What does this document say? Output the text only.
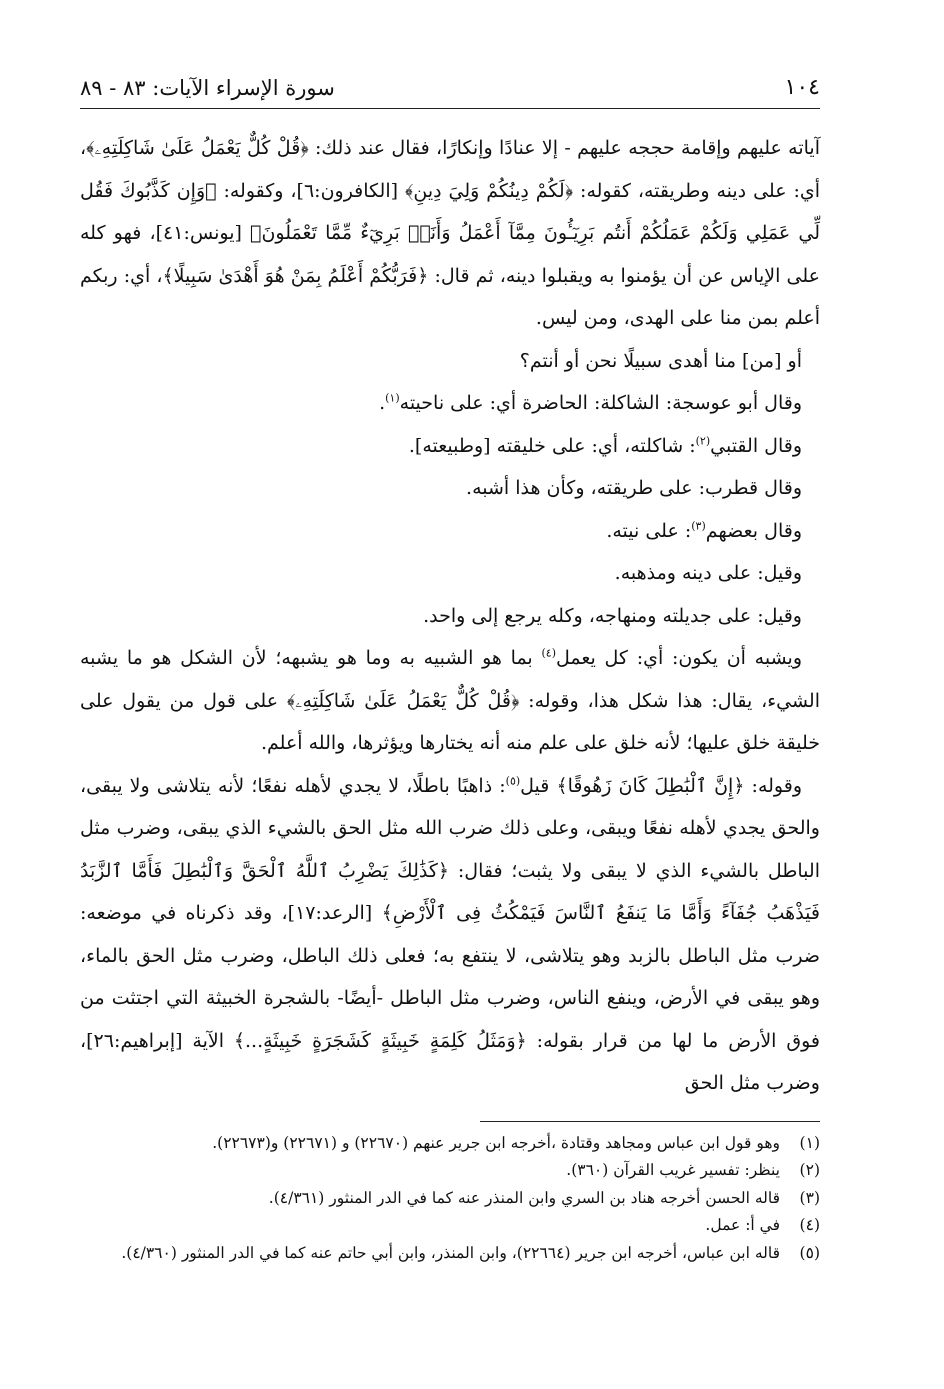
١٠٤
سورة الإسراء الآيات: ٨٣ - ٨٩

آياته عليهم وإقامة حججه عليهم - إلا عنادًا وإنكارًا، فقال عند ذلك: ﴿قُلْ كُلٌّ يَعْمَلُ عَلَىٰ شَاكِلَتِهِۦ﴾، أي: على دينه وطريقته، كقوله: ﴿لَكُمْ دِينُكُمْ وَلِيَ دِينِ﴾ [الكافرون:٦]، وكقوله: ﴿وَإِن كَذَّبُوكَ فَقُل لِّي عَمَلِي وَلَكُمْ عَمَلُكُمْ أَنتُم بَرِيٓـُٔونَ مِمَّآ أَعْمَلُ وَأَنَا۠ بَرِيٓءٌ مِّمَّا تَعْمَلُونَ﴾ [يونس:٤١]، فهو كله على الإياس عن أن يؤمنوا به ويقبلوا دينه، ثم قال: ﴿فَرَبُّكُمْ أَعْلَمُ بِمَنْ هُوَ أَهْدَىٰ سَبِيلًا﴾، أي: ربكم أعلم بمن منا على الهدى، ومن ليس.

أو [من] منا أهدى سبيلًا نحن أو أنتم؟

وقال أبو عوسجة: الشاكلة: الحاضرة أي: على ناحيته$^{(١)}$.

وقال القتبي$^{(٢)}$: شاكلته، أي: على خليقته [وطبيعته].

وقال قطرب: على طريقته، وكأن هذا أشبه.

وقال بعضهم$^{(٣)}$: على نيته.

وقيل: على دينه ومذهبه.

وقيل: على جديلته ومنهاجه، وكله يرجع إلى واحد.

ويشبه أن يكون: أي: كل يعمل$^{(٤)}$ بما هو الشبيه به وما هو يشبهه؛ لأن الشكل هو ما يشبه الشيء، يقال: هذا شكل هذا، وقوله: ﴿قُلْ كُلٌّ يَعْمَلُ عَلَىٰ شَاكِلَتِهِۦ﴾ على قول من يقول على خليقة خلق عليها؛ لأنه خلق على علم منه أنه يختارها ويؤثرها، والله أعلم.

وقوله: ﴿إِنَّ ٱلْبَٰطِلَ كَانَ زَهُوقًا﴾ قيل$^{(٥)}$: ذاهبًا باطلًا، لا يجدي لأهله نفعًا؛ لأنه يتلاشى ولا يبقى، والحق يجدي لأهله نفعًا ويبقى، وعلى ذلك ضرب الله مثل الحق بالشيء الذي يبقى، وضرب مثل الباطل بالشيء الذي لا يبقى ولا يثبت؛ فقال: ﴿كَذَٰلِكَ يَضْرِبُ ٱللَّهُ ٱلْحَقَّ وَٱلْبَٰطِلَ فَأَمَّا ٱلزَّبَدُ فَيَذْهَبُ جُفَآءً وَأَمَّا مَا يَنفَعُ ٱلنَّاسَ فَيَمْكُثُ فِى ٱلْأَرْضِ﴾ [الرعد:١٧]، وقد ذكرناه في موضعه: ضرب مثل الباطل بالزبد وهو يتلاشى، لا ينتفع به؛ فعلى ذلك الباطل، وضرب مثل الحق بالماء، وهو يبقى في الأرض، وينفع الناس، وضرب مثل الباطل -أيضًا- بالشجرة الخبيثة التي اجتثت من فوق الأرض ما لها من قرار بقوله: ﴿وَمَثَلُ كَلِمَةٍ خَبِيثَةٍ كَشَجَرَةٍ خَبِيثَةٍ...﴾ الآية [إبراهيم:٢٦]، وضرب مثل الحق

(١)
وهو قول ابن عباس ومجاهد وقتادة ،أخرجه ابن جرير عنهم (٢٢٦٧٠) و (٢٢٦٧١) و(٢٢٦٧٣).
(٢)
ينظر: تفسير غريب القرآن (٣٦٠).
(٣)
قاله الحسن أخرجه هناد بن السري وابن المنذر عنه كما في الدر المنثور (٤/٣٦١).
(٤)
في أ: عمل.
(٥)
قاله ابن عباس، أخرجه ابن جرير (٢٢٦٦٤)، وابن المنذر، وابن أبي حاتم عنه كما في الدر المنثور (٤/٣٦٠).
